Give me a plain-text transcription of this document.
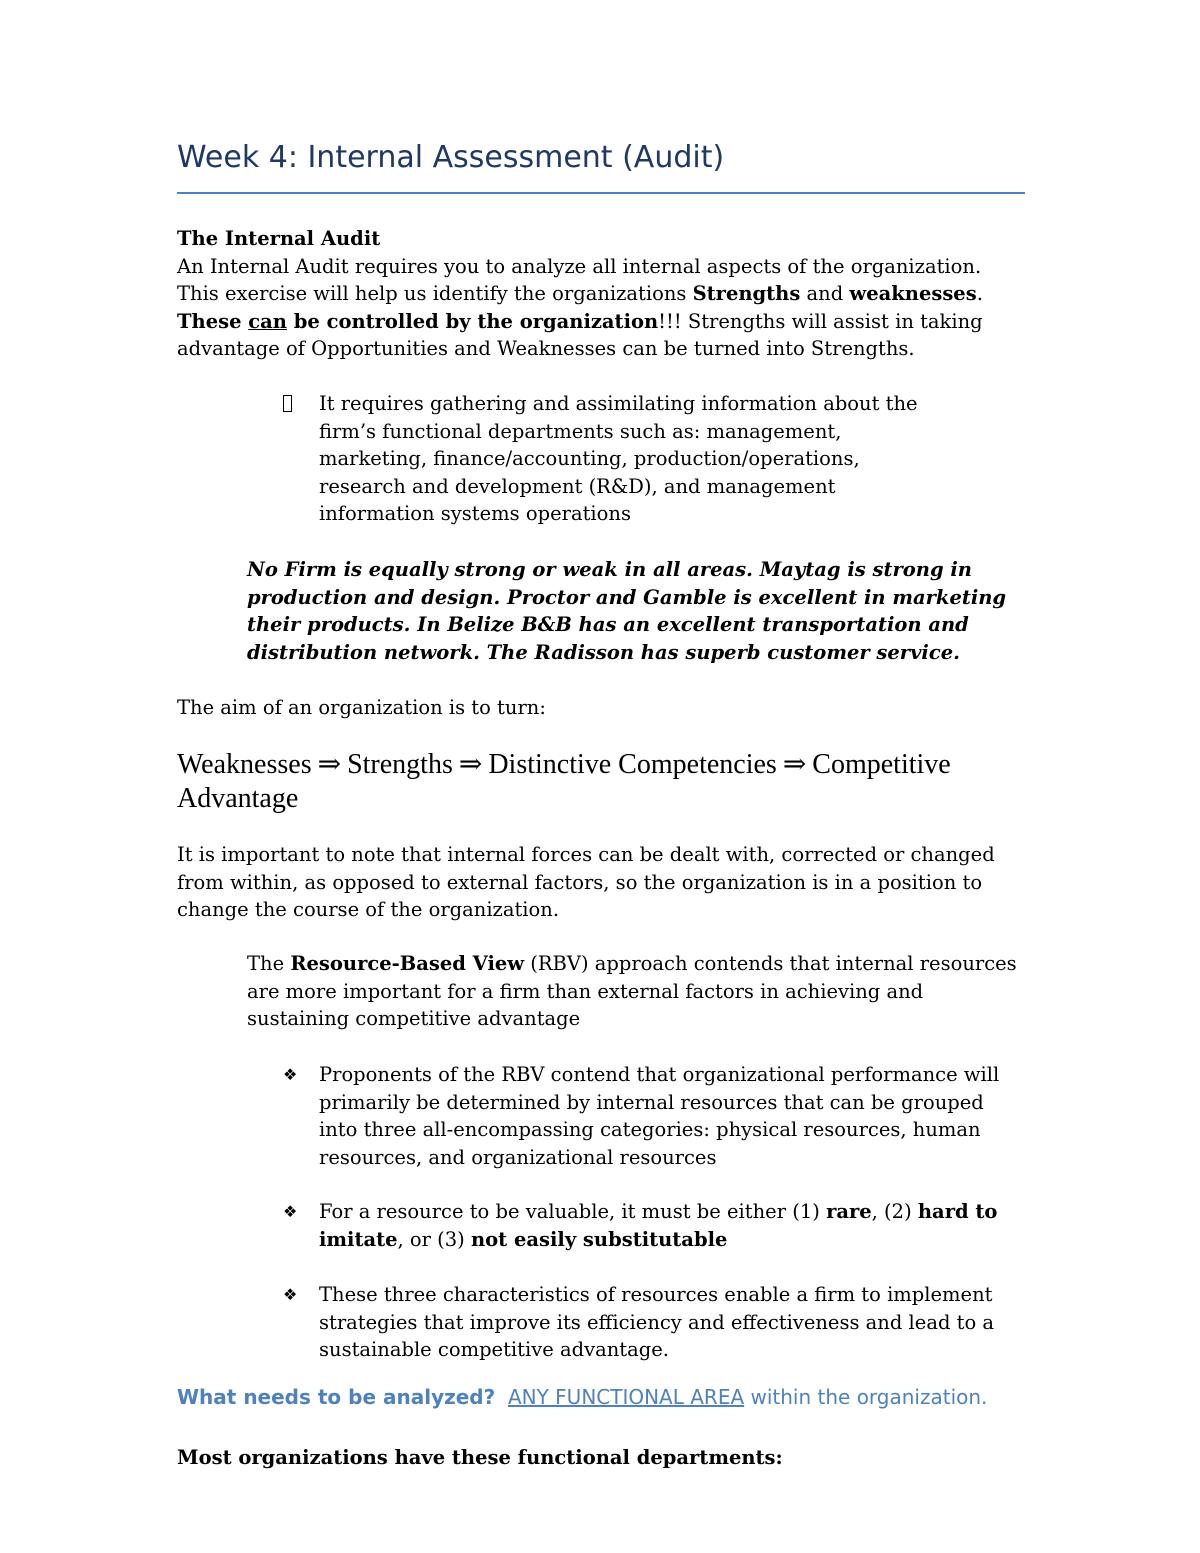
Week 4: Internal Assessment (Audit)
The Internal Audit
An Internal Audit requires you to analyze all internal aspects of the organization.
This exercise will help us identify the organizations Strengths and weaknesses.
These can be controlled by the organization!!! Strengths will assist in taking advantage of Opportunities and Weaknesses can be turned into Strengths.
It requires gathering and assimilating information about the firm’s functional departments such as: management, marketing, finance/accounting, production/operations, research and development (R&D), and management information systems operations
No Firm is equally strong or weak in all areas. Maytag is strong in production and design. Proctor and Gamble is excellent in marketing their products. In Belize B&B has an excellent transportation and distribution network. The Radisson has superb customer service.
The aim of an organization is to turn:
Weaknesses ⇒ Strengths ⇒ Distinctive Competencies ⇒ Competitive Advantage
It is important to note that internal forces can be dealt with, corrected or changed from within, as opposed to external factors, so the organization is in a position to change the course of the organization.
The Resource-Based View (RBV) approach contends that internal resources are more important for a firm than external factors in achieving and sustaining competitive advantage
❖	Proponents of the RBV contend that organizational performance will primarily be determined by internal resources that can be grouped into three all-encompassing categories: physical resources, human resources, and organizational resources
❖	For a resource to be valuable, it must be either (1) rare, (2) hard to imitate, or (3) not easily substitutable
❖	These three characteristics of resources enable a firm to implement strategies that improve its efficiency and effectiveness and lead to a sustainable competitive advantage.
What needs to be analyzed? ANY FUNCTIONAL AREA within the organization.
Most organizations have these functional departments:
